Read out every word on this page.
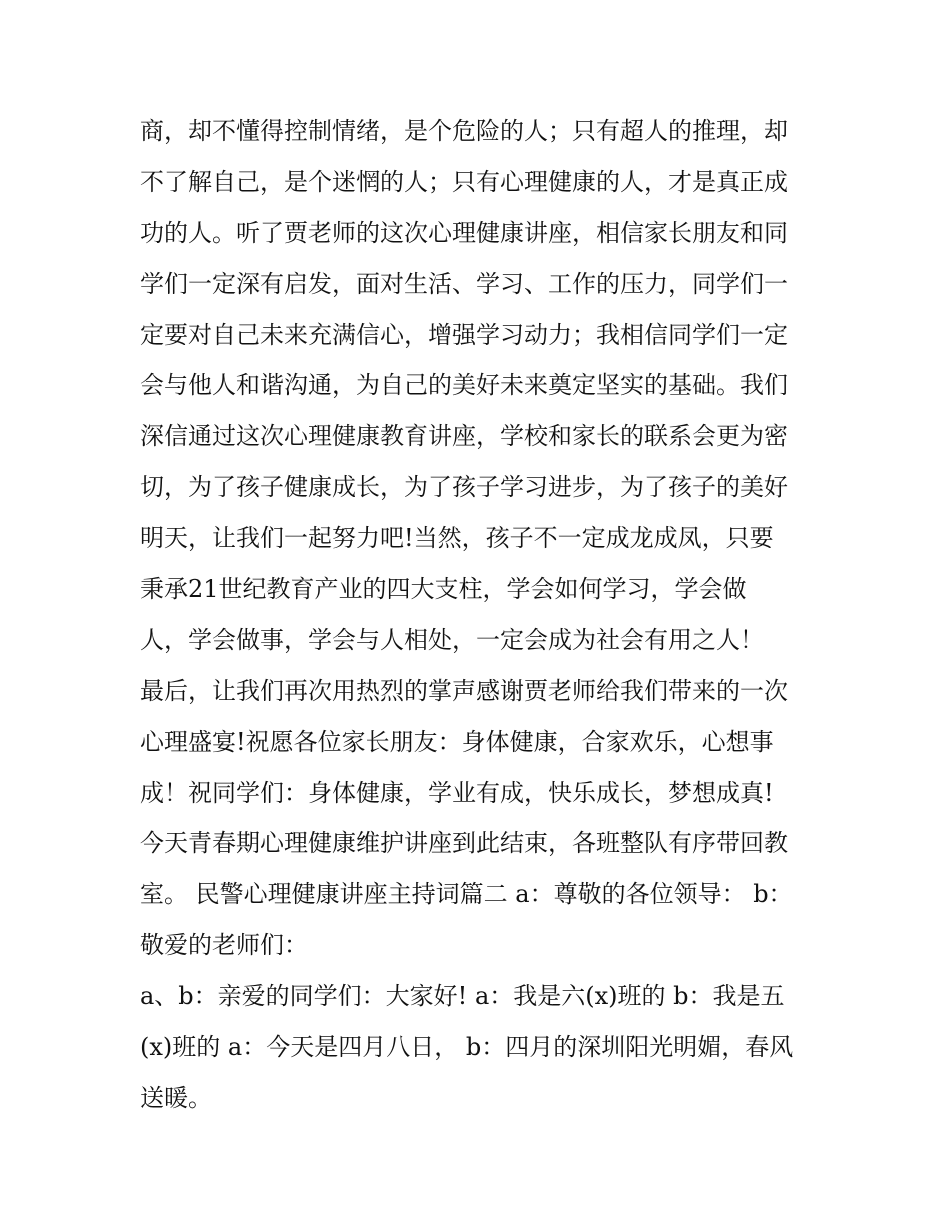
商，却不懂得控制情绪，是个危险的人；只有超人的推理，却
不了解自己，是个迷惘的人；只有心理健康的人，才是真正成
功的人。听了贾老师的这次心理健康讲座，相信家长朋友和同
学们一定深有启发，面对生活、学习、工作的压力，同学们一
定要对自己未来充满信心，增强学习动力；我相信同学们一定
会与他人和谐沟通，为自己的美好未来奠定坚实的基础。我们
深信通过这次心理健康教育讲座，学校和家长的联系会更为密
切，为了孩子健康成长，为了孩子学习进步，为了孩子的美好
明天，让我们一起努力吧!当然，孩子不一定成龙成凤，只要
秉承21世纪教育产业的四大支柱，学会如何学习，学会做
人，学会做事，学会与人相处，一定会成为社会有用之人！
最后，让我们再次用热烈的掌声感谢贾老师给我们带来的一次
心理盛宴!祝愿各位家长朋友：身体健康，合家欢乐，心想事
成！祝同学们：身体健康，学业有成，快乐成长，梦想成真!
今天青春期心理健康维护讲座到此结束，各班整队有序带回教
室。 民警心理健康讲座主持词篇二 a：尊敬的各位领导： b：
敬爱的老师们：
a、b：亲爱的同学们：大家好! a：我是六(x)班的 b：我是五
(x)班的 a：今天是四月八日， b：四月的深圳阳光明媚，春风
送暖。
